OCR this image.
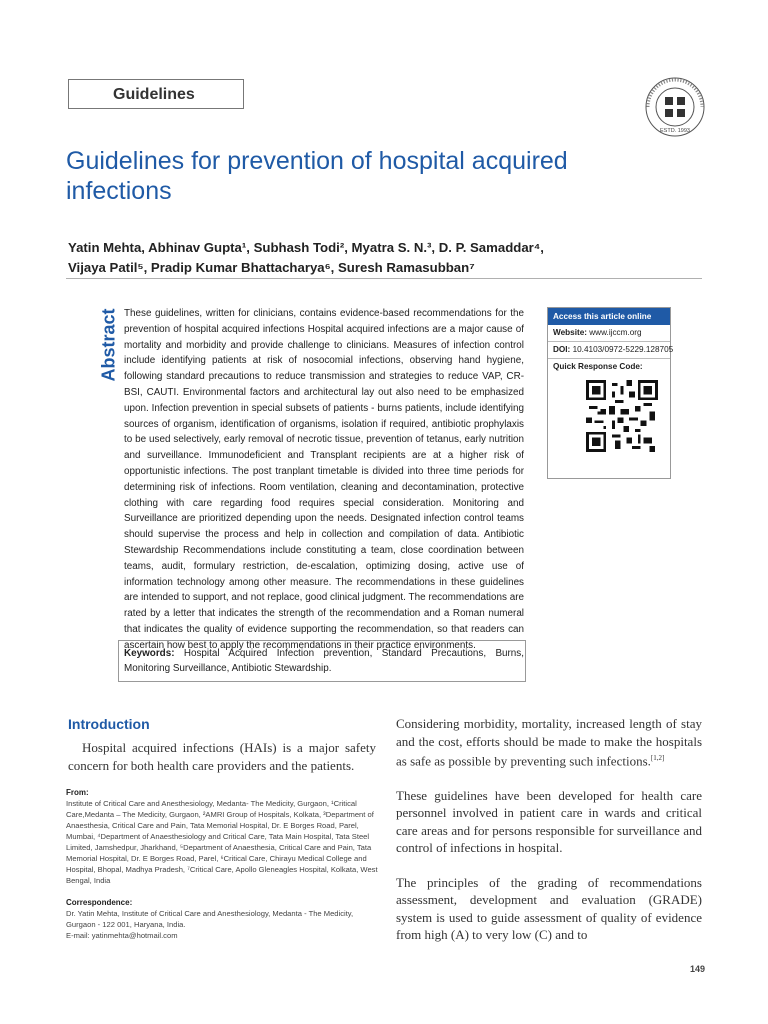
Guidelines
ESTD. 1993
Guidelines for prevention of hospital acquired infections
Yatin Mehta, Abhinav Gupta¹, Subhash Todi², Myatra S. N.³, D. P. Samaddar⁴,
Vijaya Patil⁵, Pradip Kumar Bhattacharya⁶, Suresh Ramasubban⁷
Abstract These guidelines, written for clinicians, contains evidence-based recommendations for the prevention of hospital acquired infections Hospital acquired infections are a major cause of mortality and morbidity and provide challenge to clinicians. Measures of infection control include identifying patients at risk of nosocomial infections, observing hand hygiene, following standard precautions to reduce transmission and strategies to reduce VAP, CR-BSI, CAUTI. Environmental factors and architectural lay out also need to be emphasized upon. Infection prevention in special subsets of patients - burns patients, include identifying sources of organism, identification of organisms, isolation if required, antibiotic prophylaxis to be used selectively, early removal of necrotic tissue, prevention of tetanus, early nutrition and surveillance. Immunodeficient and Transplant recipients are at a higher risk of opportunistic infections. The post tranplant timetable is divided into three time periods for determining risk of infections. Room ventilation, cleaning and decontamination, protective clothing with care regarding food requires special consideration. Monitoring and Surveillance are prioritized depending upon the needs. Designated infection control teams should supervise the process and help in collection and compilation of data. Antibiotic Stewardship Recommendations include constituting a team, close coordination between teams, audit, formulary restriction, de-escalation, optimizing dosing, active use of information technology among other measure. The recommendations in these guidelines are intended to support, and not replace, good clinical judgment. The recommendations are rated by a letter that indicates the strength of the recommendation and a Roman numeral that indicates the quality of evidence supporting the recommendation, so that readers can ascertain how best to apply the recommendations in their practice environments.
Keywords: Hospital Acquired Infection prevention, Standard Precautions, Burns, Monitoring Surveillance, Antibiotic Stewardship.
Access this article online
Website: www.ijccm.org
DOI: 10.4103/0972-5229.128705
Quick Response Code:
Introduction
Hospital acquired infections (HAIs) is a major safety concern for both health care providers and the patients.

Considering morbidity, mortality, increased length of stay and the cost, efforts should be made to make the hospitals as safe as possible by preventing such infections.[1,2]

These guidelines have been developed for health care personnel involved in patient care in wards and critical care areas and for persons responsible for surveillance and control of infections in hospital.

The principles of the grading of recommendations assessment, development and evaluation (GRADE) system is used to guide assessment of quality of evidence from high (A) to very low (C) and to

From:

Institute of Critical Care and Anesthesiology, Medanta- The Medicity, Gurgaon, ¹Critical Care,Medanta – The Medicity, Gurgaon, ²AMRI Group of Hospitals, Kolkata, ³Department of Anaesthesia, Critical Care and Pain, Tata Memorial Hospital, Dr. E Borges Road, Parel, Mumbai, ⁴Department of Anaesthesiology and Critical Care, Tata Main Hospital, Tata Steel Limited, Jamshedpur, Jharkhand, ⁵Department of Anaesthesia, Critical Care and Pain, Tata Memorial Hospital, Dr. E Borges Road, Parel, ⁶Critical Care, Chirayu Medical College and Hospital, Bhopal, Madhya Pradesh, ⁷Critical Care, Apollo Gleneagles Hospital, Kolkata, West Bengal, India

Correspondence:

Dr. Yatin Mehta, Institute of Critical Care and Anesthesiology, Medanta - The Medicity, Gurgaon - 122 001, Haryana, India.

E-mail: yatinmehta@hotmail.com

149
